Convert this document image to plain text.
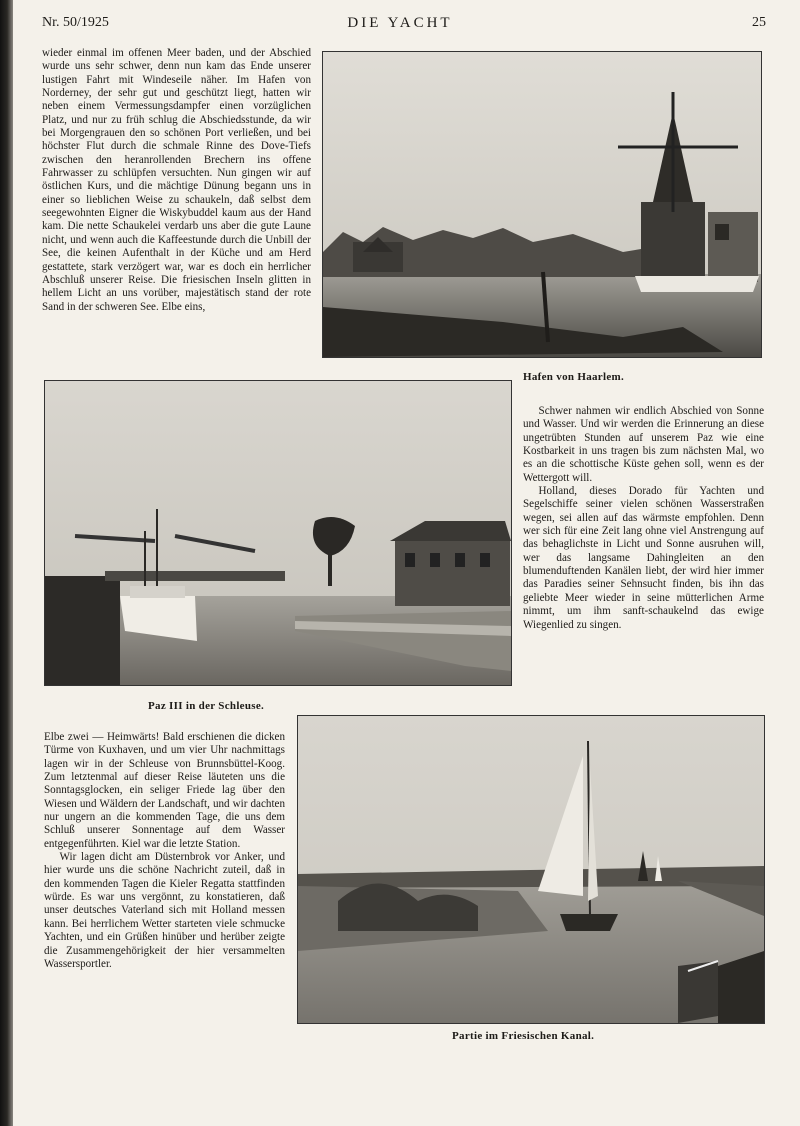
Nr. 50/1925	DIE YACHT	25

wieder einmal im offenen Meer baden, und der Abschied wurde uns sehr schwer, denn nun kam das Ende unserer lustigen Fahrt mit Windeseile näher. Im Hafen von Norderney, der sehr gut und geschützt liegt, hatten wir neben einem Vermessungsdampfer einen vorzüglichen Platz, und nur zu früh schlug die Abschiedsstunde, da wir bei Morgengrauen den so schönen Port verließen, und bei höchster Flut durch die schmale Rinne des Dove-Tiefs zwischen den heranrollenden Brechern ins offene Fahrwasser zu schlüpfen versuchten. Nun gingen wir auf östlichen Kurs, und die mächtige Dünung begann uns in einer so lieblichen Weise zu schaukeln, daß selbst dem seegewohnten Eigner die Wiskybuddel kaum aus der Hand kam. Die nette Schaukelei verdarb uns aber die gute Laune nicht, und wenn auch die Kaffeestunde durch die Unbill der See, die keinen Aufenthalt in der Küche und am Herd gestattete, stark verzögert war, war es doch ein herrlicher Abschluß unserer Reise. Die friesischen Inseln glitten in hellem Licht an uns vorüber, majestätisch stand der rote Sand in der schweren See. Elbe eins,

Hafen von Haarlem.
Paz III in der Schleuse.

Schwer nahmen wir endlich Abschied von Sonne und Wasser. Und wir werden die Erinnerung an diese ungetrübten Stunden auf unserem Paz wie eine Kostbarkeit in uns tragen bis zum nächsten Mal, wo es an die schottische Küste gehen soll, wenn es der Wettergott will.

Holland, dieses Dorado für Yachten und Segelschiffe seiner vielen schönen Wasserstraßen wegen, sei allen auf das wärmste empfohlen. Denn wer sich für eine Zeit lang ohne viel Anstrengung auf das behaglichste in Licht und Sonne ausruhen will, wer das langsame Dahingleiten an den blumenduftenden Kanälen liebt, der wird hier immer das Paradies seiner Sehnsucht finden, bis ihn das geliebte Meer wieder in seine mütterlichen Arme nimmt, um ihm sanft-schaukelnd das ewige Wiegenlied zu singen.

Elbe zwei — Heimwärts! Bald erschienen die dicken Türme von Kuxhaven, und um vier Uhr nachmittags lagen wir in der Schleuse von Brunnsbüttel-Koog. Zum letztenmal auf dieser Reise läuteten uns die Sonntagsglocken, ein seliger Friede lag über den Wiesen und Wäldern der Landschaft, und wir dachten nur ungern an die kommenden Tage, die uns dem Schluß unserer Sonnentage auf dem Wasser entgegenführten. Kiel war die letzte Station.

Wir lagen dicht am Düsternbrok vor Anker, und hier wurde uns die schöne Nachricht zuteil, daß in den kommenden Tagen die Kieler Regatta stattfinden würde. Es war uns vergönnt, zu konstatieren, daß unser deutsches Vaterland sich mit Holland messen kann. Bei herrlichem Wetter starteten viele schmucke Yachten, und ein Grüßen hinüber und herüber zeigte die Zusammengehörigkeit der hier versammelten Wassersportler.

Partie im Friesischen Kanal.
